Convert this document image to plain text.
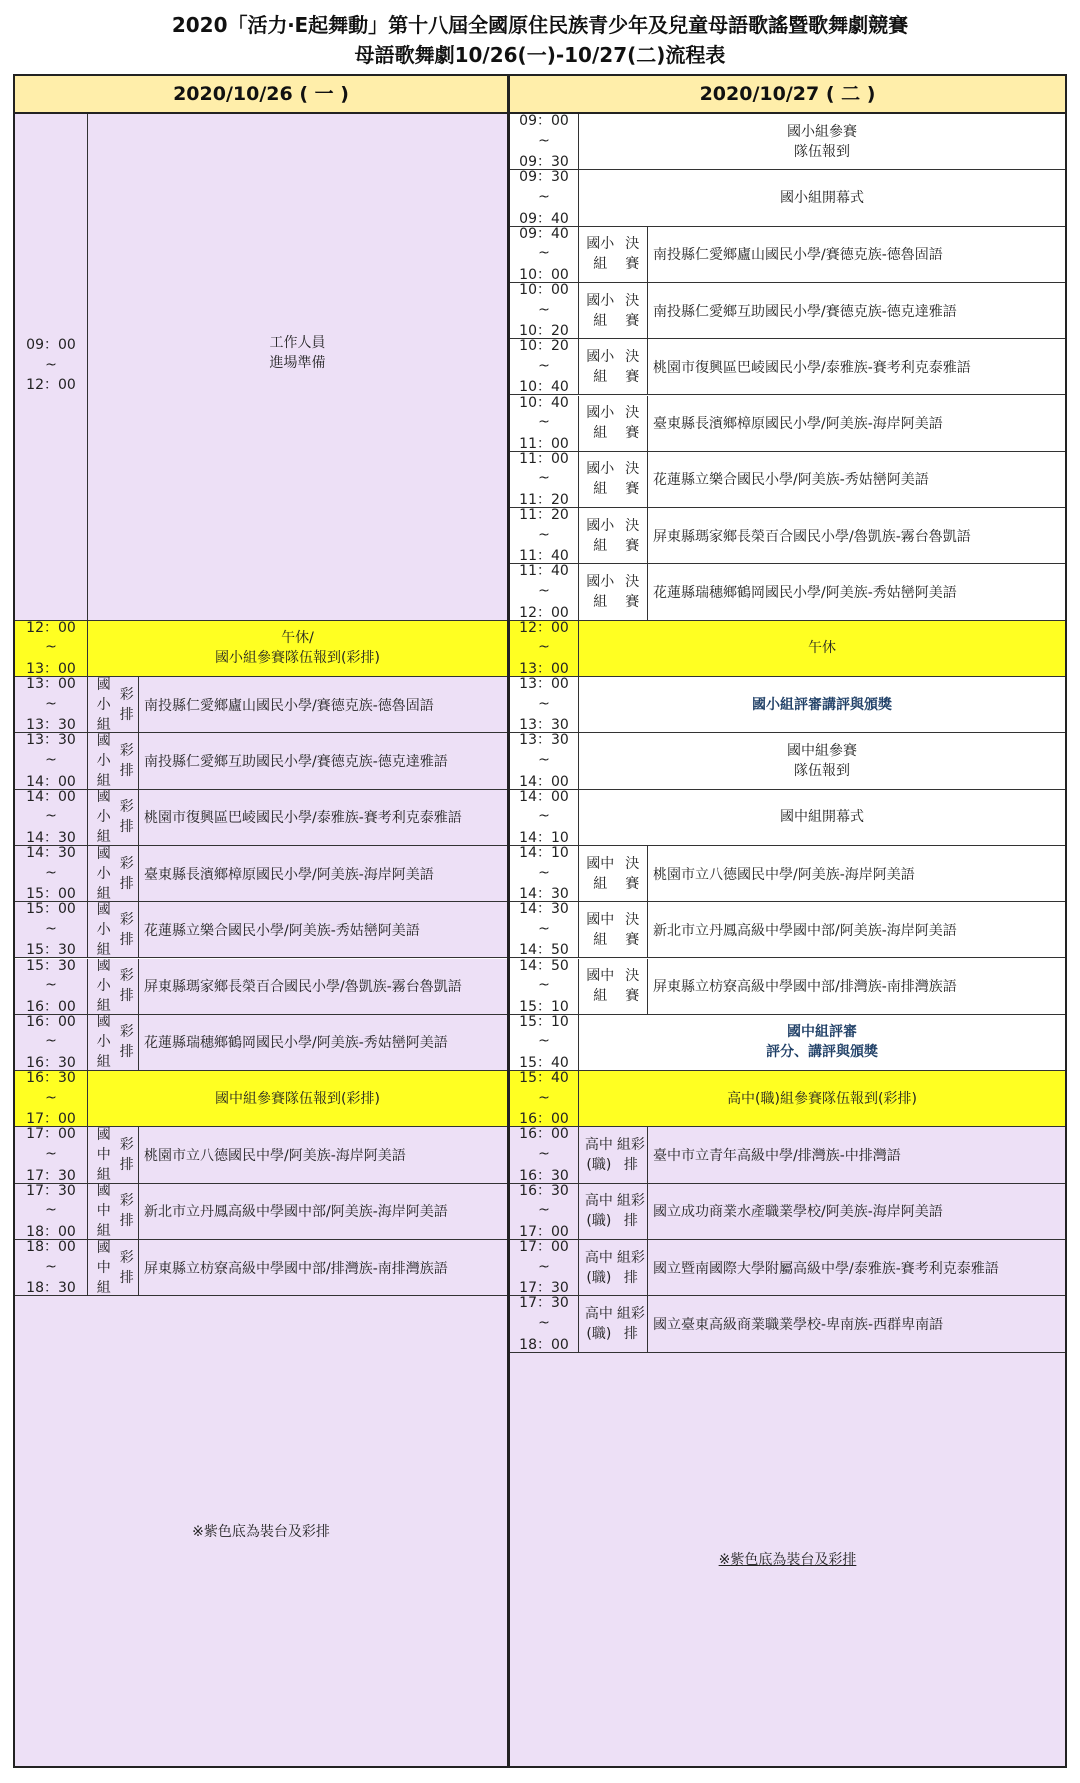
2020「活力‧E起舞動」第十八屆全國原住民族青少年及兒童母語歌謠暨歌舞劇競賽
母語歌舞劇10/26(一)-10/27(二)流程表
2020/10/26 ( 一 )
09：00
~
12：00
工作人員
進場準備
12：00
~
13：00
午休/
國小組參賽隊伍報到(彩排)
13：00
~
13：30
國小組

彩排
南投縣仁愛鄉廬山國民小學/賽德克族-德魯固語
13：30
~
14：00
國小組

彩排
南投縣仁愛鄉互助國民小學/賽德克族-德克達雅語
14：00
~
14：30
國小組

彩排
桃園市復興區巴崚國民小學/泰雅族-賽考利克泰雅語
14：30
~
15：00
國小組

彩排
臺東縣長濱鄉樟原國民小學/阿美族-海岸阿美語
15：00
~
15：30
國小組

彩排
花蓮縣立樂合國民小學/阿美族-秀姑巒阿美語
15：30
~
16：00
國小組

彩排
屏東縣瑪家鄉長榮百合國民小學/魯凱族-霧台魯凱語
16：00
~
16：30
國小組

彩排
花蓮縣瑞穗鄉鶴岡國民小學/阿美族-秀姑巒阿美語
16：30
~
17：00
國中組參賽隊伍報到(彩排)
17：00
~
17：30
國中組

彩排
桃園市立八德國民中學/阿美族-海岸阿美語
17：30
~
18：00
國中組

彩排
新北市立丹鳳高級中學國中部/阿美族-海岸阿美語
18：00
~
18：30
國中組

彩排
屏東縣立枋寮高級中學國中部/排灣族-南排灣族語
※紫色底為裝台及彩排
2020/10/27 ( 二 )
09：00
~
09：30
國小組參賽
隊伍報到
09：30
~
09：40
國小組開幕式
09：40
~
10：00
國小組

決賽
南投縣仁愛鄉廬山國民小學/賽德克族-德魯固語
10：00
~
10：20
國小組

決賽
南投縣仁愛鄉互助國民小學/賽德克族-德克達雅語
10：20
~
10：40
國小組

決賽
桃園市復興區巴崚國民小學/泰雅族-賽考利克泰雅語
10：40
~
11：00
國小組

決賽
臺東縣長濱鄉樟原國民小學/阿美族-海岸阿美語
11：00
~
11：20
國小組

決賽
花蓮縣立樂合國民小學/阿美族-秀姑巒阿美語
11：20
~
11：40
國小組

決賽
屏東縣瑪家鄉長榮百合國民小學/魯凱族-霧台魯凱語
11：40
~
12：00
國小組

決賽
花蓮縣瑞穗鄉鶴岡國民小學/阿美族-秀姑巒阿美語
12：00
~
13：00
午休
13：00
~
13：30
國小組評審講評與頒獎
13：30
~
14：00
國中組參賽
隊伍報到
14：00
~
14：10
國中組開幕式
14：10
~
14：30
國中組

決賽
桃園市立八德國民中學/阿美族-海岸阿美語
14：30
~
14：50
國中組

決賽
新北市立丹鳳高級中學國中部/阿美族-海岸阿美語
14：50
~
15：10
國中組

決賽
屏東縣立枋寮高級中學國中部/排灣族-南排灣族語
15：10
~
15：40
國中組評審
評分、講評與頒獎
15：40
~
16：00
高中(職)組參賽隊伍報到(彩排)
16：00
~
16：30
高中(職)

組彩排
臺中市立青年高級中學/排灣族-中排灣語
16：30
~
17：00
高中(職)

組彩排
國立成功商業水產職業學校/阿美族-海岸阿美語
17：00
~
17：30
高中(職)

組彩排
國立暨南國際大學附屬高級中學/泰雅族-賽考利克泰雅語
17：30
~
18：00
高中(職)

組彩排
國立臺東高級商業職業學校-卑南族-西群卑南語
※紫色底為裝台及彩排
